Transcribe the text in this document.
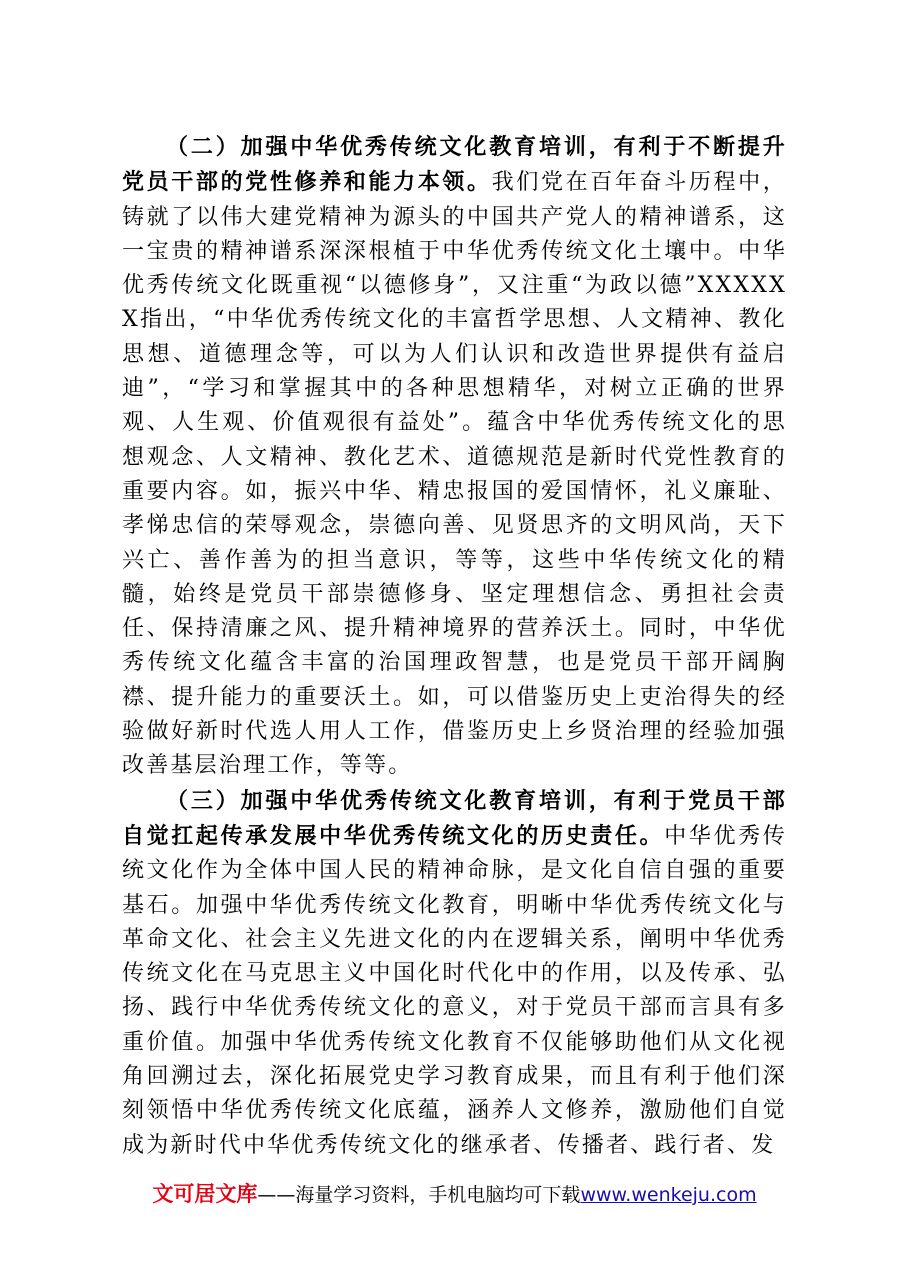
（二）加强中华优秀传统文化教育培训，有利于不断提升党员干部的党性修养和能力本领。我们党在百年奋斗历程中，铸就了以伟大建党精神为源头的中国共产党人的精神谱系，这一宝贵的精神谱系深深根植于中华优秀传统文化土壤中。中华优秀传统文化既重视“以德修身”，又注重“为政以德”XXXXXX指出，“中华优秀传统文化的丰富哲学思想、人文精神、教化思想、道德理念等，可以为人们认识和改造世界提供有益启迪”，“学习和掌握其中的各种思想精华，对树立正确的世界观、人生观、价值观很有益处”。蕴含中华优秀传统文化的思想观念、人文精神、教化艺术、道德规范是新时代党性教育的重要内容。如，振兴中华、精忠报国的爱国情怀，礼义廉耻、孝悌忠信的荣辱观念，崇德向善、见贤思齐的文明风尚，天下兴亡、善作善为的担当意识，等等，这些中华传统文化的精髓，始终是党员干部崇德修身、坚定理想信念、勇担社会责任、保持清廉之风、提升精神境界的营养沃土。同时，中华优秀传统文化蕴含丰富的治国理政智慧，也是党员干部开阔胸襟、提升能力的重要沃土。如，可以借鉴历史上吏治得失的经验做好新时代选人用人工作，借鉴历史上乡贤治理的经验加强改善基层治理工作，等等。

（三）加强中华优秀传统文化教育培训，有利于党员干部自觉扛起传承发展中华优秀传统文化的历史责任。中华优秀传统文化作为全体中国人民的精神命脉，是文化自信自强的重要基石。加强中华优秀传统文化教育，明晰中华优秀传统文化与革命文化、社会主义先进文化的内在逻辑关系，阐明中华优秀传统文化在马克思主义中国化时代化中的作用，以及传承、弘扬、践行中华优秀传统文化的意义，对于党员干部而言具有多重价值。加强中华优秀传统文化教育不仅能够助他们从文化视角回溯过去，深化拓展党史学习教育成果，而且有利于他们深刻领悟中华优秀传统文化底蕴，涵养人文修养，激励他们自觉成为新时代中华优秀传统文化的继承者、传播者、践行者、发

文可居文库——海量学习资料，手机电脑均可下载www.wenkeju.com
